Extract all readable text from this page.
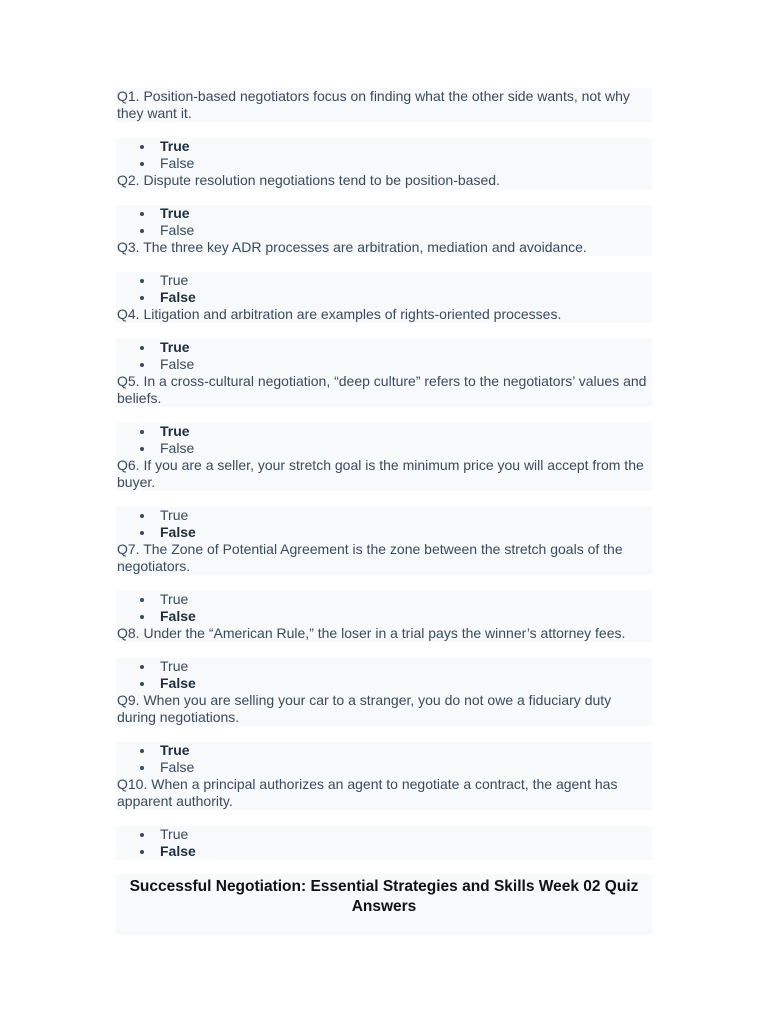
Q1. Position-based negotiators focus on finding what the other side wants, not why they want it.

True
False

Q2. Dispute resolution negotiations tend to be position-based.

True
False

Q3. The three key ADR processes are arbitration, mediation and avoidance.

True
False

Q4. Litigation and arbitration are examples of rights-oriented processes.

True
False

Q5. In a cross-cultural negotiation, “deep culture” refers to the negotiators’ values and beliefs.

True
False

Q6. If you are a seller, your stretch goal is the minimum price you will accept from the buyer.

True
False

Q7. The Zone of Potential Agreement is the zone between the stretch goals of the negotiators.

True
False

Q8. Under the “American Rule,” the loser in a trial pays the winner’s attorney fees.

True
False

Q9. When you are selling your car to a stranger, you do not owe a fiduciary duty during negotiations.

True
False

Q10. When a principal authorizes an agent to negotiate a contract, the agent has apparent authority.

True
False

Successful Negotiation: Essential Strategies and Skills Week 02 Quiz Answers
